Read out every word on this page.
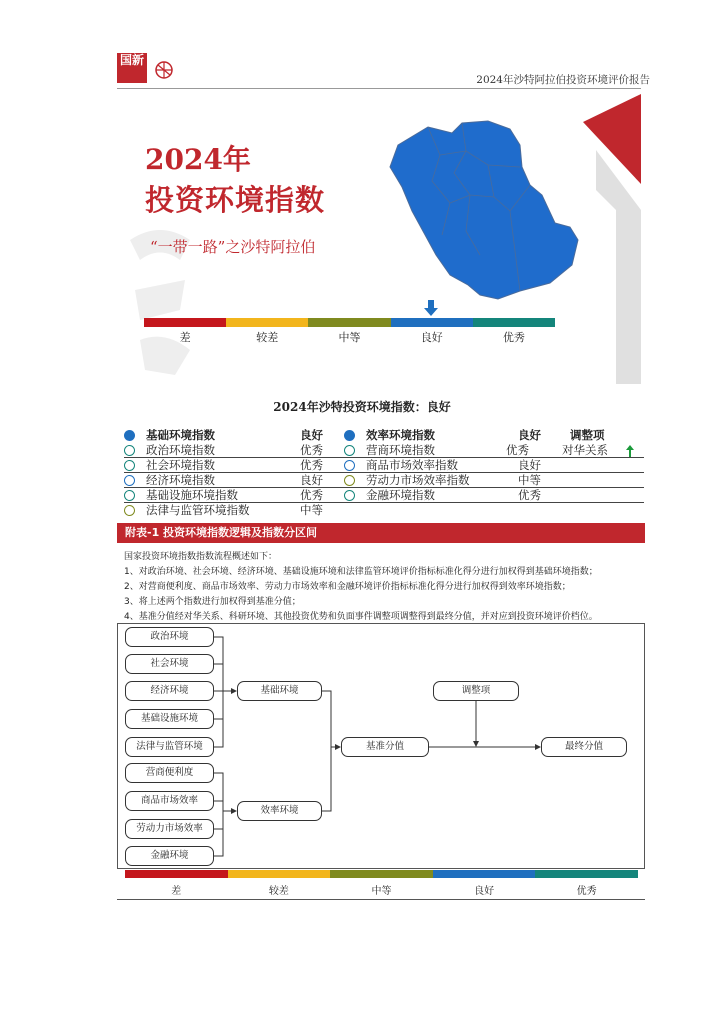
国新
2024年沙特阿拉伯投资环境评价报告
2024年
投资环境指数
“一带一路”之沙特阿拉伯
差	较差	中等	良好	优秀
2024年沙特投资环境指数：良好
基础环境指数	良好
政治环境指数	优秀
社会环境指数	优秀
经济环境指数	良好
基础设施环境指数	优秀
法律与监管环境指数	中等
效率环境指数	良好	调整项
营商环境指数	优秀	对华关系
商品市场效率指数	良好
劳动力市场效率指数	中等
金融环境指数	优秀
附表-1 投资环境指数逻辑及指数分区间
国家投资环境指数指数流程概述如下：
1、对政治环境、社会环境、经济环境、基础设施环境和法律监管环境评价指标标准化得分进行加权得到基础环境指数；
2、对营商便利度、商品市场效率、劳动力市场效率和金融环境评价指标标准化得分进行加权得到效率环境指数；
3、将上述两个指数进行加权得到基准分值；
4、基准分值经对华关系、科研环境、其他投资优势和负面事件调整项调整得到最终分值，并对应到投资环境评价档位。
政治环境
社会环境
经济环境
基础设施环境
法律与监管环境
营商便利度
商品市场效率
劳动力市场效率
金融环境
基础环境
效率环境
基准分值
调整项
最终分值
差	较差	中等	良好	优秀
